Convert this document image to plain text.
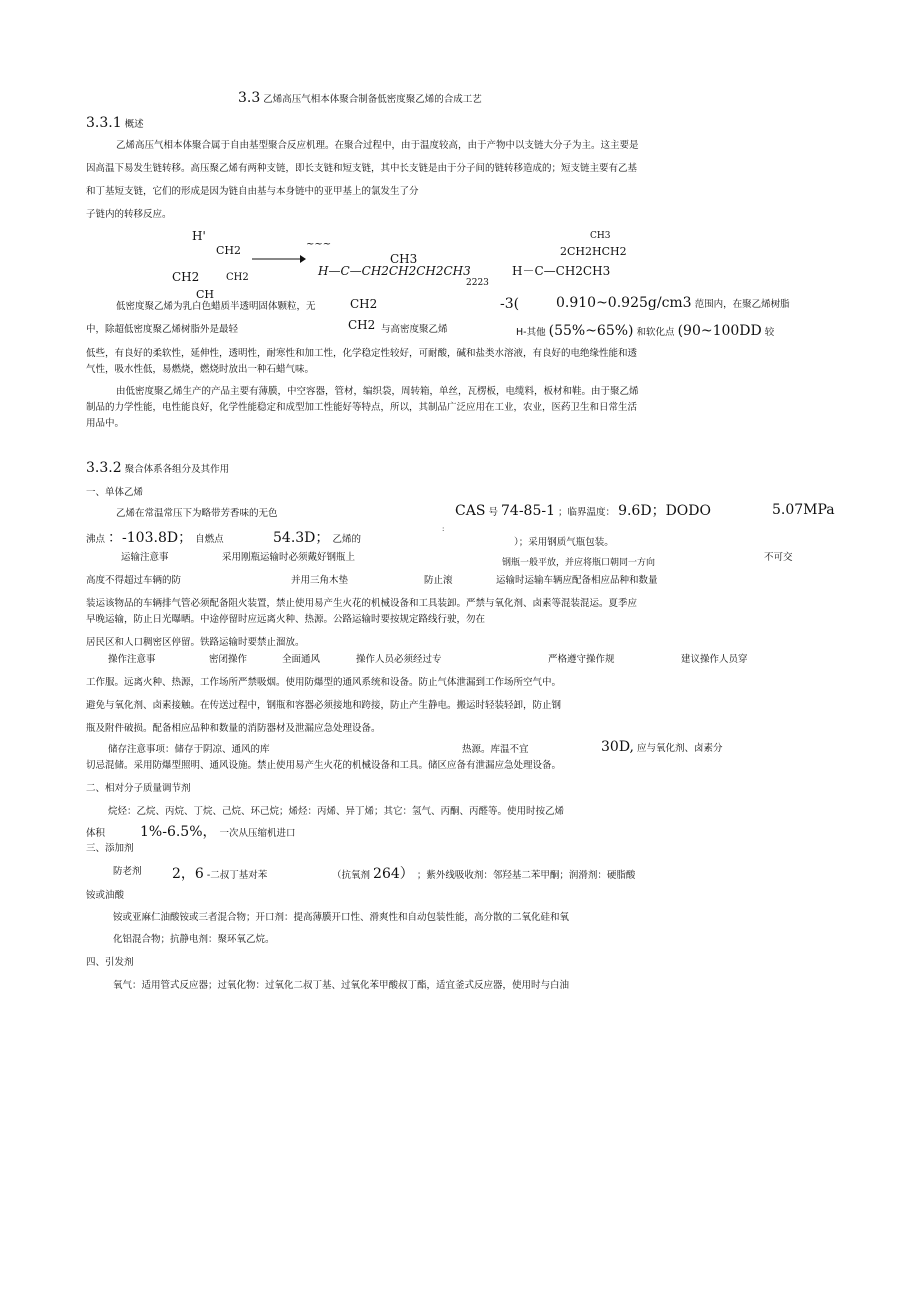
3.3 乙烯高压气相本体聚合制备低密度聚乙烯的合成工艺
3.3.1 概述
乙烯高压气相本体聚合属于自由基型聚合反应机理。在聚合过程中，由于温度较高，由于产物中以支链大分子为主。这主要是
因高温下易发生链转移。高压聚乙烯有两种支链，即长支链和短支链，其中长支链是由于分子间的链转移造成的；短支链主要有乙基
和丁基短支链，它们的形成是因为链自由基与本身链中的亚甲基上的氯发生了分
子链内的转移反应。
H'
CH2	~~~
CH3
CH3
2CH2HCH2
CH2	CH2	H—C—CH2CH2CH2CH3
2223
H－C—CH2CH3
CH
低密度聚乙烯为乳白色蜡质半透明固体颗粒，无	CH2	-3(	0.910~0.925g/cm3 范围内，在聚乙烯树脂
中，除超低密度聚乙烯树脂外是最轻	CH2 与高密度聚乙烯	H-其他 (55%~65%) 和软化点 (90~100DD 较
低些，有良好的柔软性，延伸性，透明性，耐寒性和加工性，化学稳定性较好，可耐酸，碱和盐类水溶液，有良好的电绝缘性能和透
气性，吸水性低，易燃烧，燃烧时放出一种石蜡气味。
由低密度聚乙烯生产的产品主要有薄膜，中空容器，管材，编织袋，周转箱，单丝，瓦楞板，电缆料，板材和鞋。由于聚乙烯
制品的力学性能，电性能良好，化学性能稳定和成型加工性能好等特点，所以，其制品广泛应用在工业，农业，医药卫生和日常生活
用品中。
3.3.2 聚合体系各组分及其作用
一、单体乙烯
乙烯在常温常压下为略带芳香味的无色	CAS 号 74-85-1 ；临界温度： 9.6D；DODO	5.07MPa
:
沸点 ：-103.8D； 自燃点	54.3D； 乙烯的	）；采用钢质气瓶包装。
运输注意事	采用刚瓶运输时必须戴好钢瓶上	钢瓶一般平放，并应将瓶口朝同一方向	不可交
高度不得超过车辆的防	并用三角木垫	防止滚	运输时运输车辆应配备相应品种和数量
装运该物品的车辆排气管必须配备阻火装置，禁止使用易产生火花的机械设备和工具装卸。严禁与氧化剂、卤素等混装混运。夏季应
早晚运输，防止日光曝晒。中途停留时应远离火种、热源。公路运输时要按规定路线行驶，勿在
居民区和人口稠密区停留。铁路运输时要禁止溜放。
操作注意事	密闭操作	全面通风	操作人员必须经过专	严格遵守操作规	建议操作人员穿
工作服。远离火种、热源，工作场所严禁吸烟。使用防爆型的通风系统和设备。防止气体泄漏到工作场所空气中。
避免与氧化剂、卤素接触。在传送过程中，钢瓶和容器必须接地和跨接，防止产生静电。搬运时轻装轻卸，防止钢
瓶及附件破损。配备相应品种和数量的消防器材及泄漏应急处理设备。
储存注意事项：储存于阴凉、通风的库	热源。库温不宜	30D, 应与氧化剂、卤素分
切忌混储。采用防爆型照明、通风设施。禁止使用易产生火花的机械设备和工具。储区应备有泄漏应急处理设备。
二、相对分子质量调节剂
烷烃：乙烷、丙烷、丁烷、己烷、环己烷；烯烃：丙烯、异丁烯；其它：氢气、丙酮、丙醛等。使用时按乙烯
体积 1%-6.5%， 一次从压缩机进口
三、添加剂
防老剂 2，6 -二叔丁基对苯	（抗氧剂 264） ；紫外线吸收剂：邻羟基二苯甲酮；润滑剂：硬脂酸
铵或油酸
铵或亚麻仁油酸铵或三者混合物；开口剂：提高薄膜开口性、滑爽性和自动包装性能，高分散的二氧化硅和氧
化铝混合物；抗静电剂：聚环氧乙烷。
四、引发剂
氧气：适用管式反应器；过氧化物：过氧化二叔丁基、过氧化苯甲酸叔丁酯，适宜釜式反应器，使用时与白油
